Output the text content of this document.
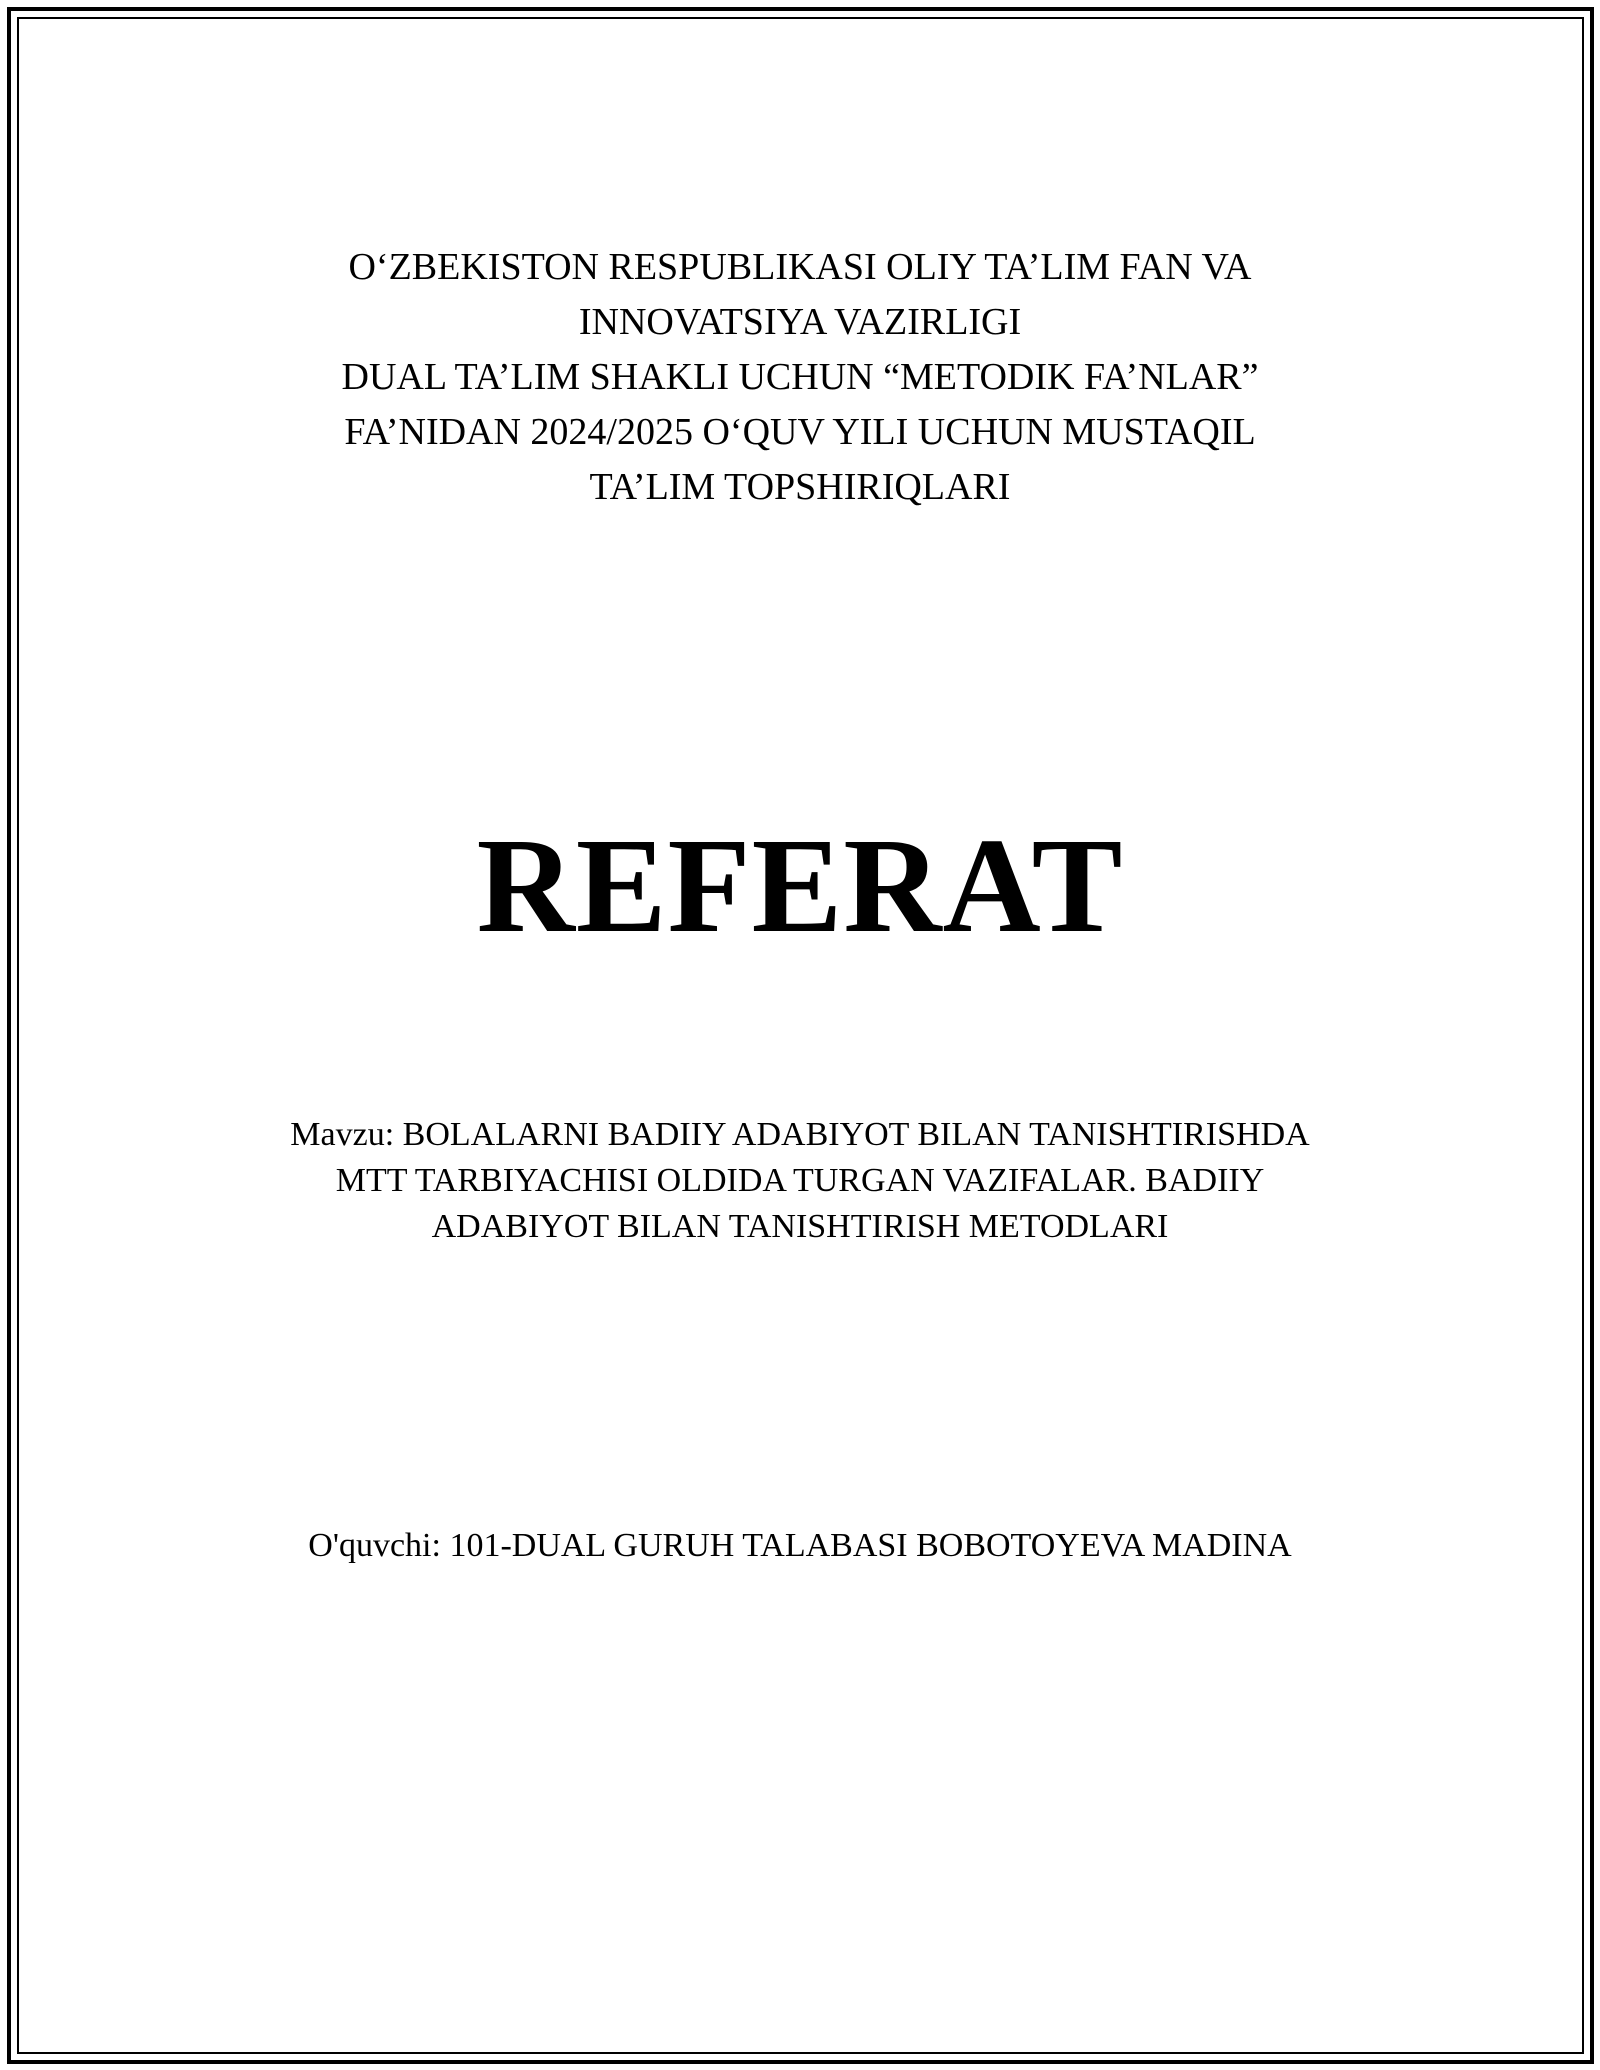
O‘ZBEKISTON RESPUBLIKASI OLIY TA’LIM FAN VA
INNOVATSIYA VAZIRLIGI
DUAL TA’LIM SHAKLI UCHUN “METODIK FA’NLAR”
FA’NIDAN 2024/2025 O‘QUV YILI UCHUN MUSTAQIL
TA’LIM TOPSHIRIQLARI
REFERAT
Mavzu: BOLALARNI BADIIY ADABIYOT BILAN TANISHTIRISHDA
MTT TARBIYACHISI OLDIDA TURGAN VAZIFALAR. BADIIY
ADABIYOT BILAN TANISHTIRISH METODLARI
O'quvchi: 101-DUAL GURUH TALABASI BOBOTOYEVA MADINA
